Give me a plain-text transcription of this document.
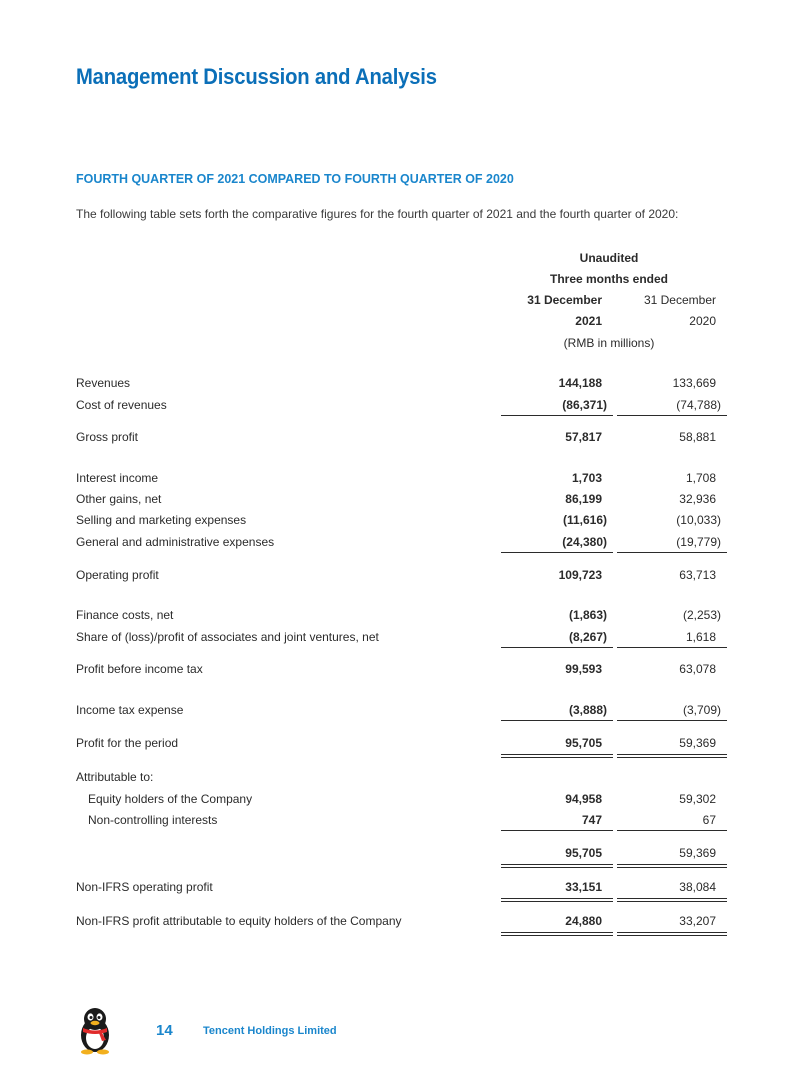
Management Discussion and Analysis
FOURTH QUARTER OF 2021 COMPARED TO FOURTH QUARTER OF 2020
The following table sets forth the comparative figures for the fourth quarter of 2021 and the fourth quarter of 2020:
Unaudited
Three months ended
31 December	31 December
2021	2020
(RMB in millions)
Revenues	144,188	133,669
Cost of revenues	(86,371)	(74,788)
Gross profit	57,817	58,881
Interest income	1,703	1,708
Other gains, net	86,199	32,936
Selling and marketing expenses	(11,616)	(10,033)
General and administrative expenses	(24,380)	(19,779)
Operating profit	109,723	63,713
Finance costs, net	(1,863)	(2,253)
Share of (loss)/profit of associates and joint ventures, net	(8,267)	1,618
Profit before income tax	99,593	63,078
Income tax expense	(3,888)	(3,709)
Profit for the period	95,705	59,369
Attributable to:
Equity holders of the Company	94,958	59,302
Non-controlling interests	747	67
95,705	59,369
Non-IFRS operating profit	33,151	38,084
Non-IFRS profit attributable to equity holders of the Company	24,880	33,207
14	Tencent Holdings Limited
